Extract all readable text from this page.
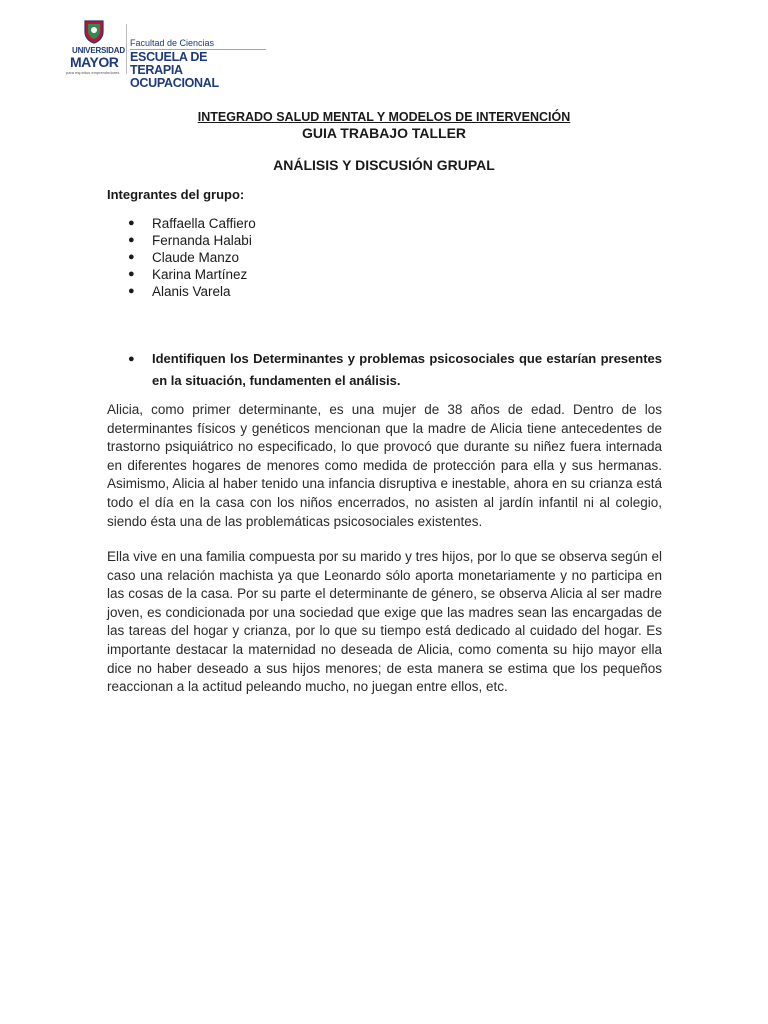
UNIVERSIDAD
MAYOR
para espíritus emprendedores
Facultad de Ciencias
ESCUELA DE
TERAPIA OCUPACIONAL
INTEGRADO SALUD MENTAL Y MODELOS DE INTERVENCIÓN
GUIA TRABAJO TALLER
ANÁLISIS Y DISCUSIÓN GRUPAL
Integrantes del grupo:
● Raffaella Caffiero
● Fernanda Halabi
● Claude Manzo
● Karina Martínez
● Alanis Varela
● Identifiquen los Determinantes y problemas psicosociales que estarían presentes en la situación, fundamenten el análisis.

Alicia, como primer determinante, es una mujer de 38 años de edad. Dentro de los determinantes físicos y genéticos mencionan que la madre de Alicia tiene antecedentes de trastorno psiquiátrico no especificado, lo que provocó que durante su niñez fuera internada en diferentes hogares de menores como medida de protección para ella y sus hermanas. Asimismo, Alicia al haber tenido una infancia disruptiva e inestable, ahora en su crianza está todo el día en la casa con los niños encerrados, no asisten al jardín infantil ni al colegio, siendo ésta una de las problemáticas psicosociales existentes.

Ella vive en una familia compuesta por su marido y tres hijos, por lo que se observa según el caso una relación machista ya que Leonardo sólo aporta monetariamente y no participa en las cosas de la casa. Por su parte el determinante de género, se observa Alicia al ser madre joven, es condicionada por una sociedad que exige que las madres sean las encargadas de las tareas del hogar y crianza, por lo que su tiempo está dedicado al cuidado del hogar. Es importante destacar la maternidad no deseada de Alicia, como comenta su hijo mayor ella dice no haber deseado a sus hijos menores; de esta manera se estima que los pequeños reaccionan a la actitud peleando mucho, no juegan entre ellos, etc.
